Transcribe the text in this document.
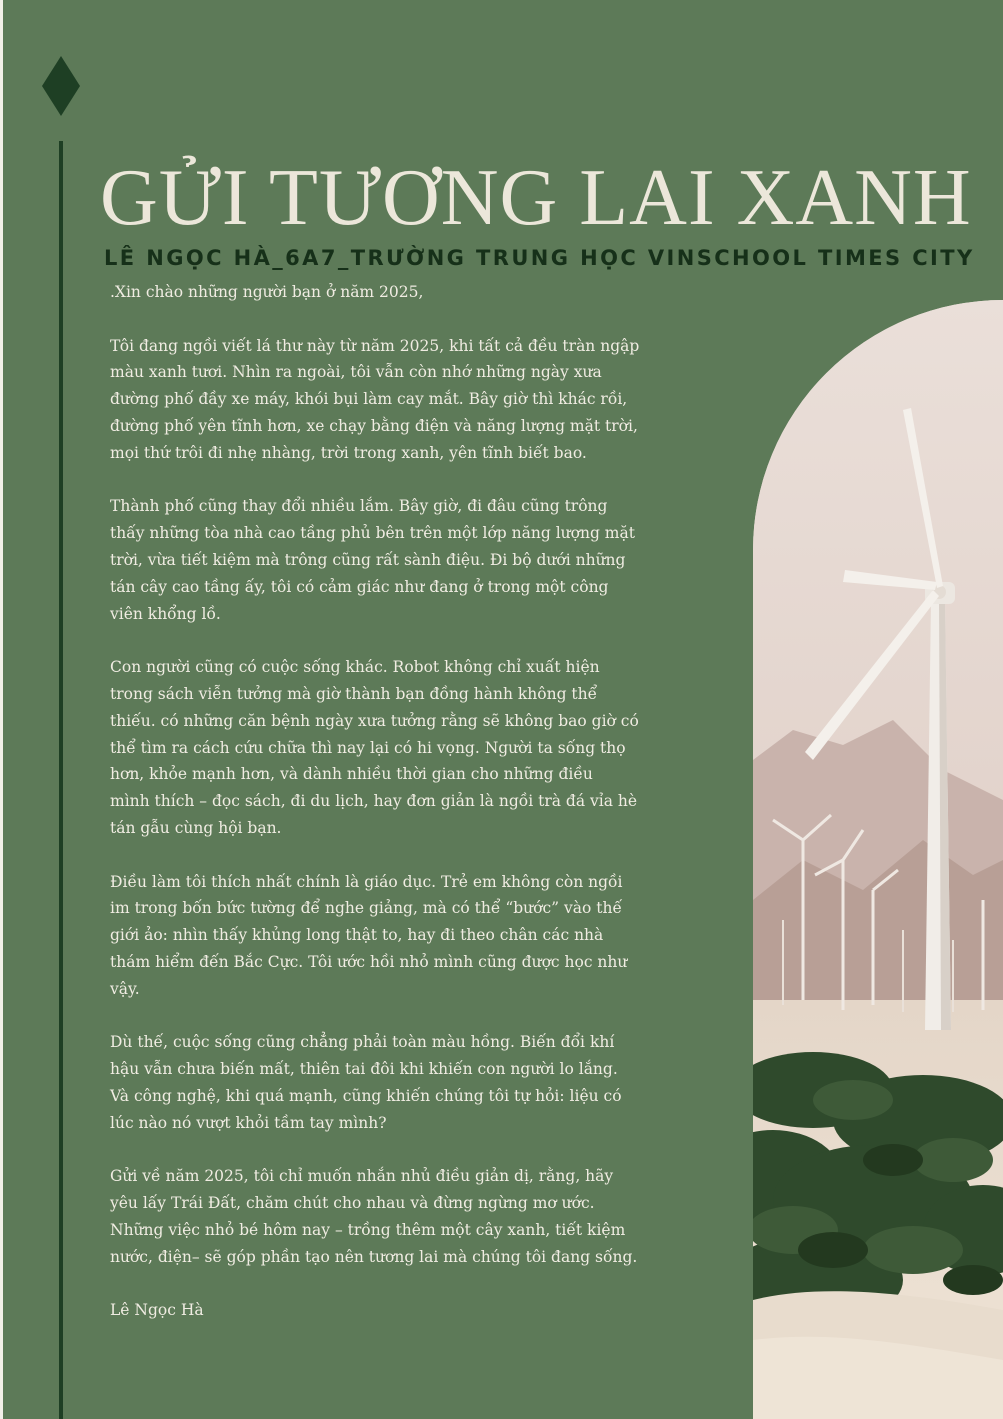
GỬI TƯƠNG LAI XANH
LÊ NGỌC HÀ_6A7_TRƯỜNG TRUNG HỌC VINSCHOOL TIMES CITY

.Xin chào những người bạn ở năm 2025,

Tôi đang ngồi viết lá thư này từ năm 2025, khi tất cả đều tràn ngập
màu xanh tươi. Nhìn ra ngoài, tôi vẫn còn nhớ những ngày xưa
đường phố đầy xe máy, khói bụi làm cay mắt. Bây giờ thì khác rồi,
đường phố yên tĩnh hơn, xe chạy bằng điện và năng lượng mặt trời,
mọi thứ trôi đi nhẹ nhàng, trời trong xanh, yên tĩnh biết bao.

Thành phố cũng thay đổi nhiều lắm. Bây giờ, đi đâu cũng trông
thấy những tòa nhà cao tầng phủ bên trên một lớp năng lượng mặt
trời, vừa tiết kiệm mà trông cũng rất sành điệu. Đi bộ dưới những
tán cây cao tầng ấy, tôi có cảm giác như đang ở trong một công
viên khổng lồ.

Con người cũng có cuộc sống khác. Robot không chỉ xuất hiện
trong sách viễn tưởng mà giờ thành bạn đồng hành không thể
thiếu. có những căn bệnh ngày xưa tưởng rằng sẽ không bao giờ có
thể tìm ra cách cứu chữa thì nay lại có hi vọng. Người ta sống thọ
hơn, khỏe mạnh hơn, và dành nhiều thời gian cho những điều
mình thích – đọc sách, đi du lịch, hay đơn giản là ngồi trà đá vỉa hè
tán gẫu cùng hội bạn.

Điều làm tôi thích nhất chính là giáo dục. Trẻ em không còn ngồi
im trong bốn bức tường để nghe giảng, mà có thể “bước” vào thế
giới ảo: nhìn thấy khủng long thật to, hay đi theo chân các nhà
thám hiểm đến Bắc Cực. Tôi ước hồi nhỏ mình cũng được học như
vậy.

Dù thế, cuộc sống cũng chẳng phải toàn màu hồng. Biến đổi khí
hậu vẫn chưa biến mất, thiên tai đôi khi khiến con người lo lắng.
Và công nghệ, khi quá mạnh, cũng khiến chúng tôi tự hỏi: liệu có
lúc nào nó vượt khỏi tầm tay mình?

Gửi về năm 2025, tôi chỉ muốn nhắn nhủ điều giản dị, rằng, hãy
yêu lấy Trái Đất, chăm chút cho nhau và đừng ngừng mơ ước.
Những việc nhỏ bé hôm nay – trồng thêm một cây xanh, tiết kiệm
nước, điện– sẽ góp phần tạo nên tương lai mà chúng tôi đang sống.

Lê Ngọc Hà
